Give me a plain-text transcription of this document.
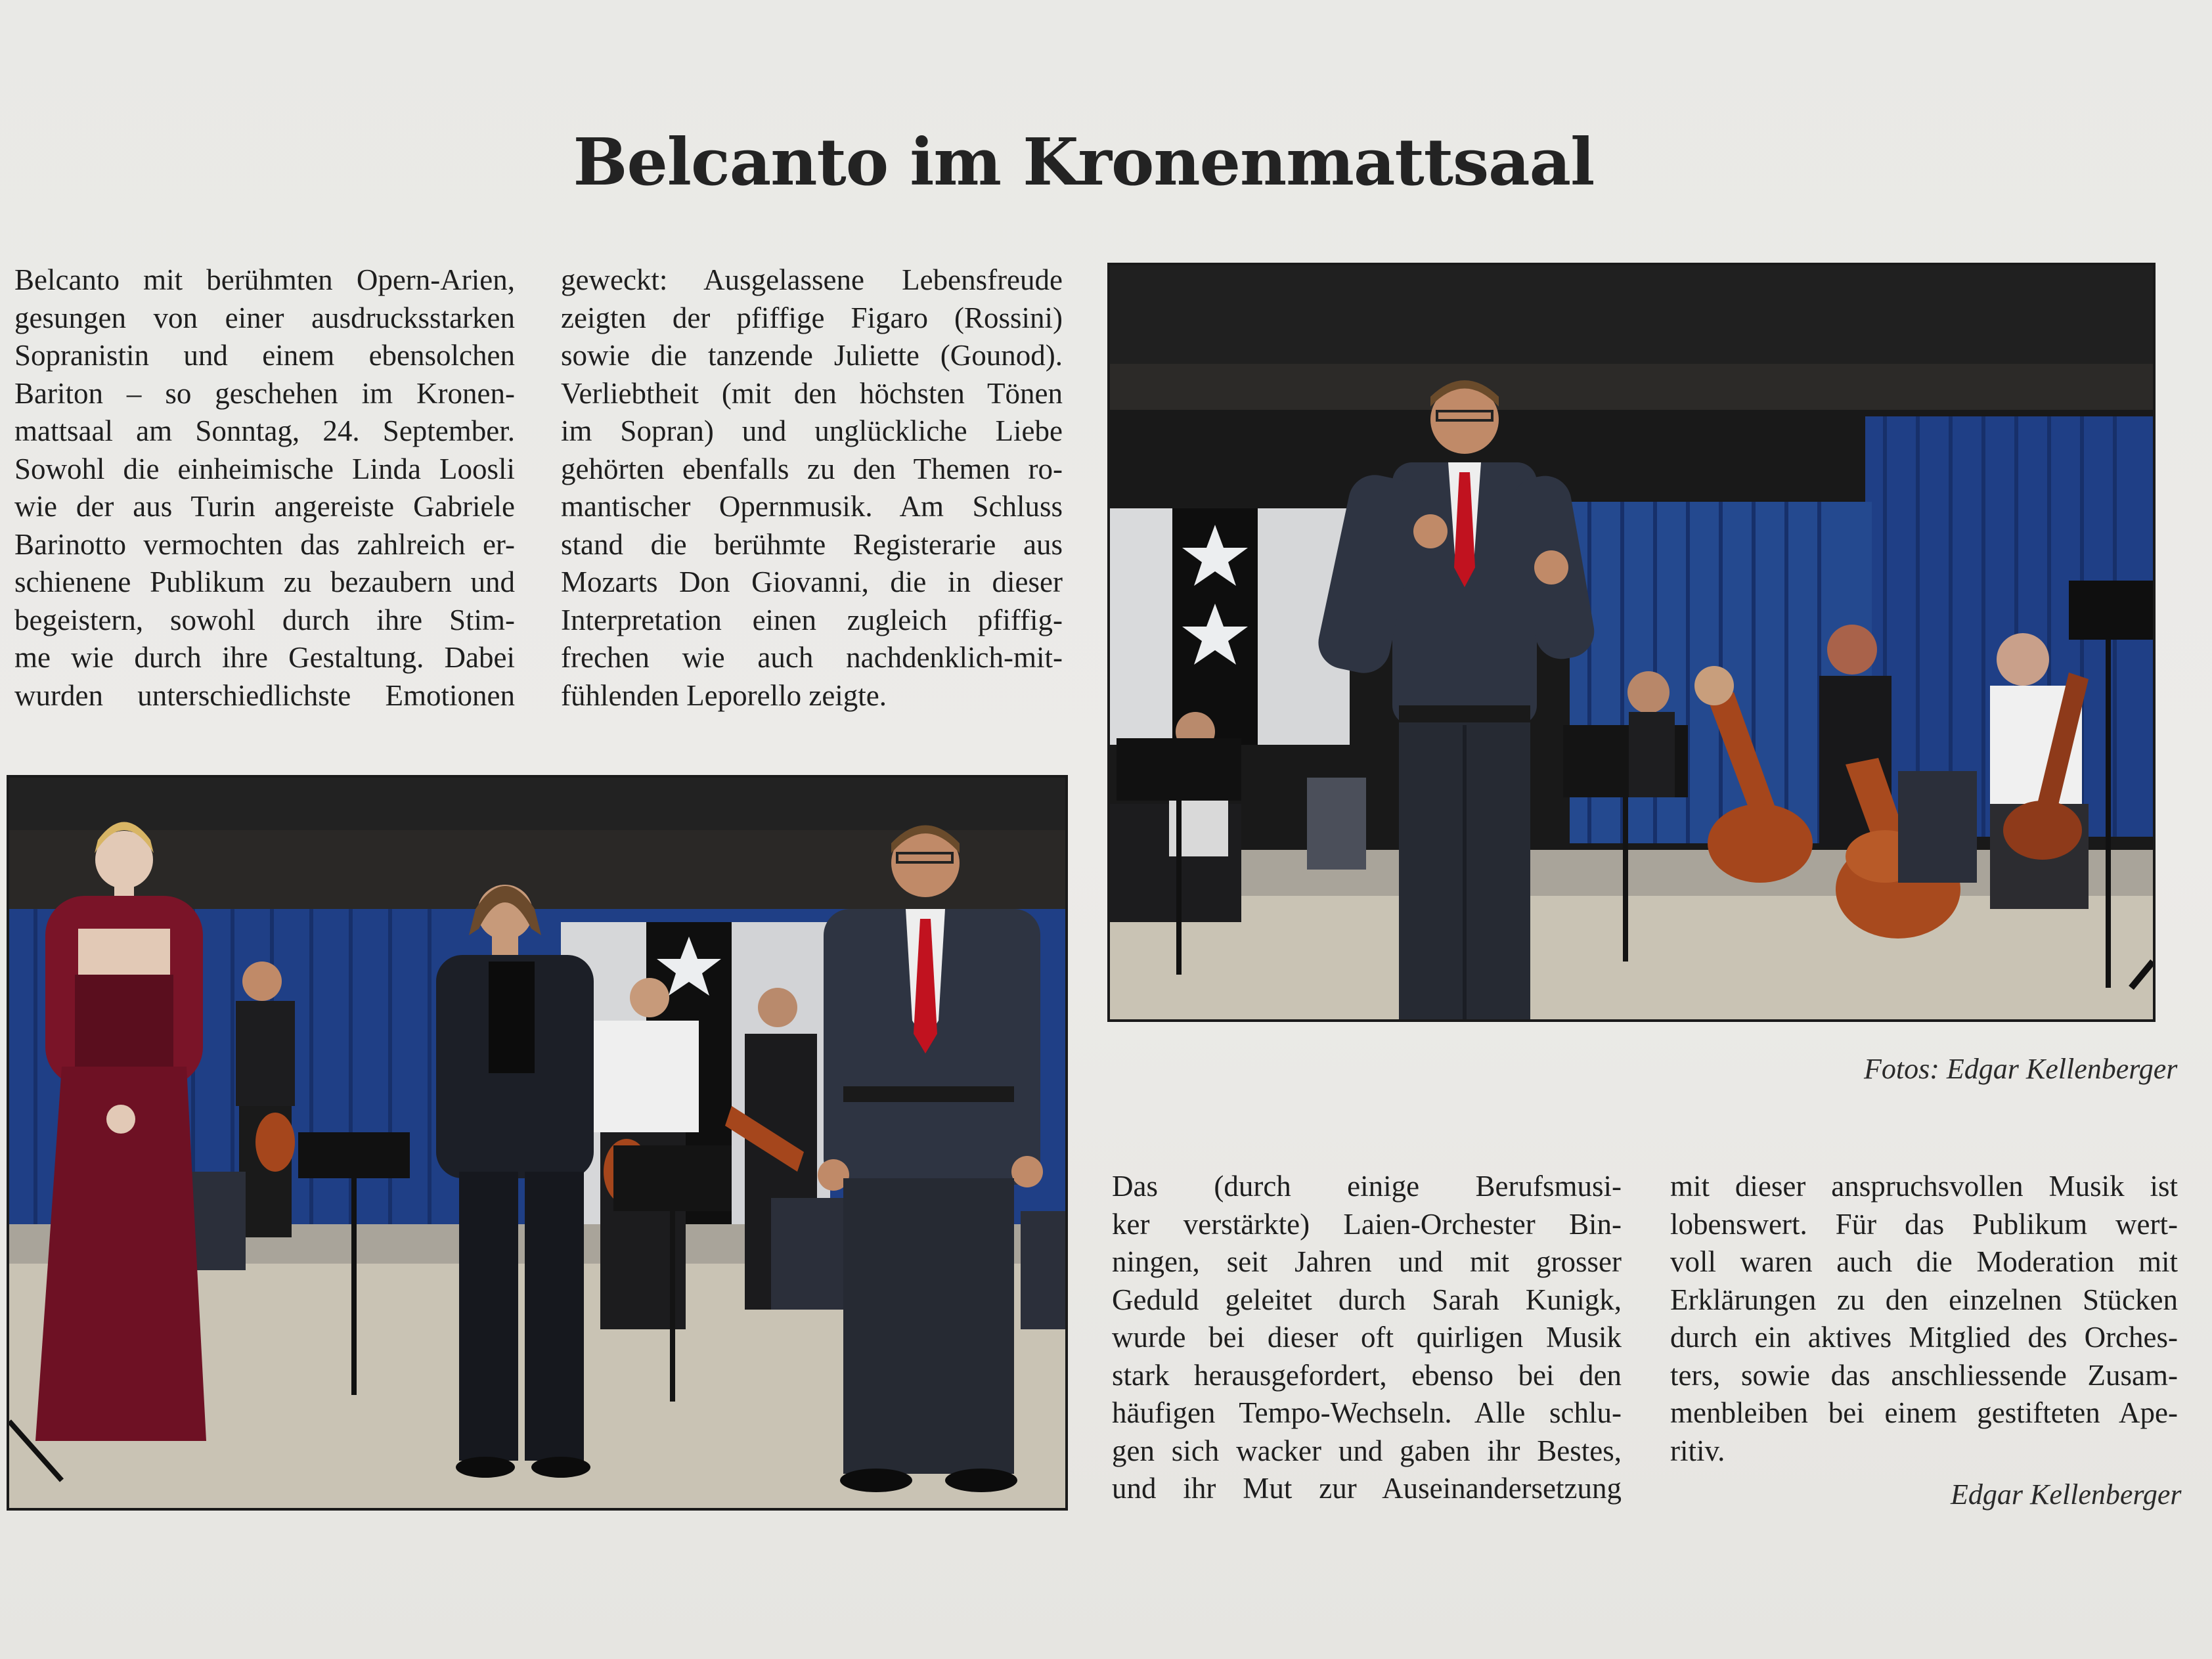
Belcanto im Kronenmattsaal
Belcanto mit berühmten Opern-Arien,
gesungen von einer ausdrucksstarken
Sopranistin und einem ebensolchen
Bariton – so geschehen im Kronen-
mattsaal am Sonntag, 24. September.
Sowohl die einheimische Linda Loosli
wie der aus Turin angereiste Gabriele
Barinotto vermochten das zahlreich er-
schienene Publikum zu bezaubern und
begeistern, sowohl durch ihre Stim-
me wie durch ihre Gestaltung. Dabei
wurden unterschiedlichste Emotionen
geweckt: Ausgelassene Lebensfreude
zeigten der pfiffige Figaro (Rossini)
sowie die tanzende Juliette (Gounod).
Verliebtheit (mit den höchsten Tönen
im Sopran) und unglückliche Liebe
gehörten ebenfalls zu den Themen ro-
mantischer Opernmusik. Am Schluss
stand die berühmte Registerarie aus
Mozarts Don Giovanni, die in dieser
Interpretation einen zugleich pfiffig-
frechen wie auch nachdenklich-mit-
fühlenden Leporello zeigte.
Das (durch einige Berufsmusi-
ker verstärkte) Laien-Orchester Bin-
ningen, seit Jahren und mit grosser
Geduld geleitet durch Sarah Kunigk,
wurde bei dieser oft quirligen Musik
stark herausgefordert, ebenso bei den
häufigen Tempo-Wechseln. Alle schlu-
gen sich wacker und gaben ihr Bestes,
und ihr Mut zur Auseinandersetzung
mit dieser anspruchsvollen Musik ist
lobenswert. Für das Publikum wert-
voll waren auch die Moderation mit
Erklärungen zu den einzelnen Stücken
durch ein aktives Mitglied des Orches-
ters, sowie das anschliessende Zusam-
menbleiben bei einem gestifteten Ape-
ritiv.
Fotos: Edgar Kellenberger
Edgar Kellenberger
